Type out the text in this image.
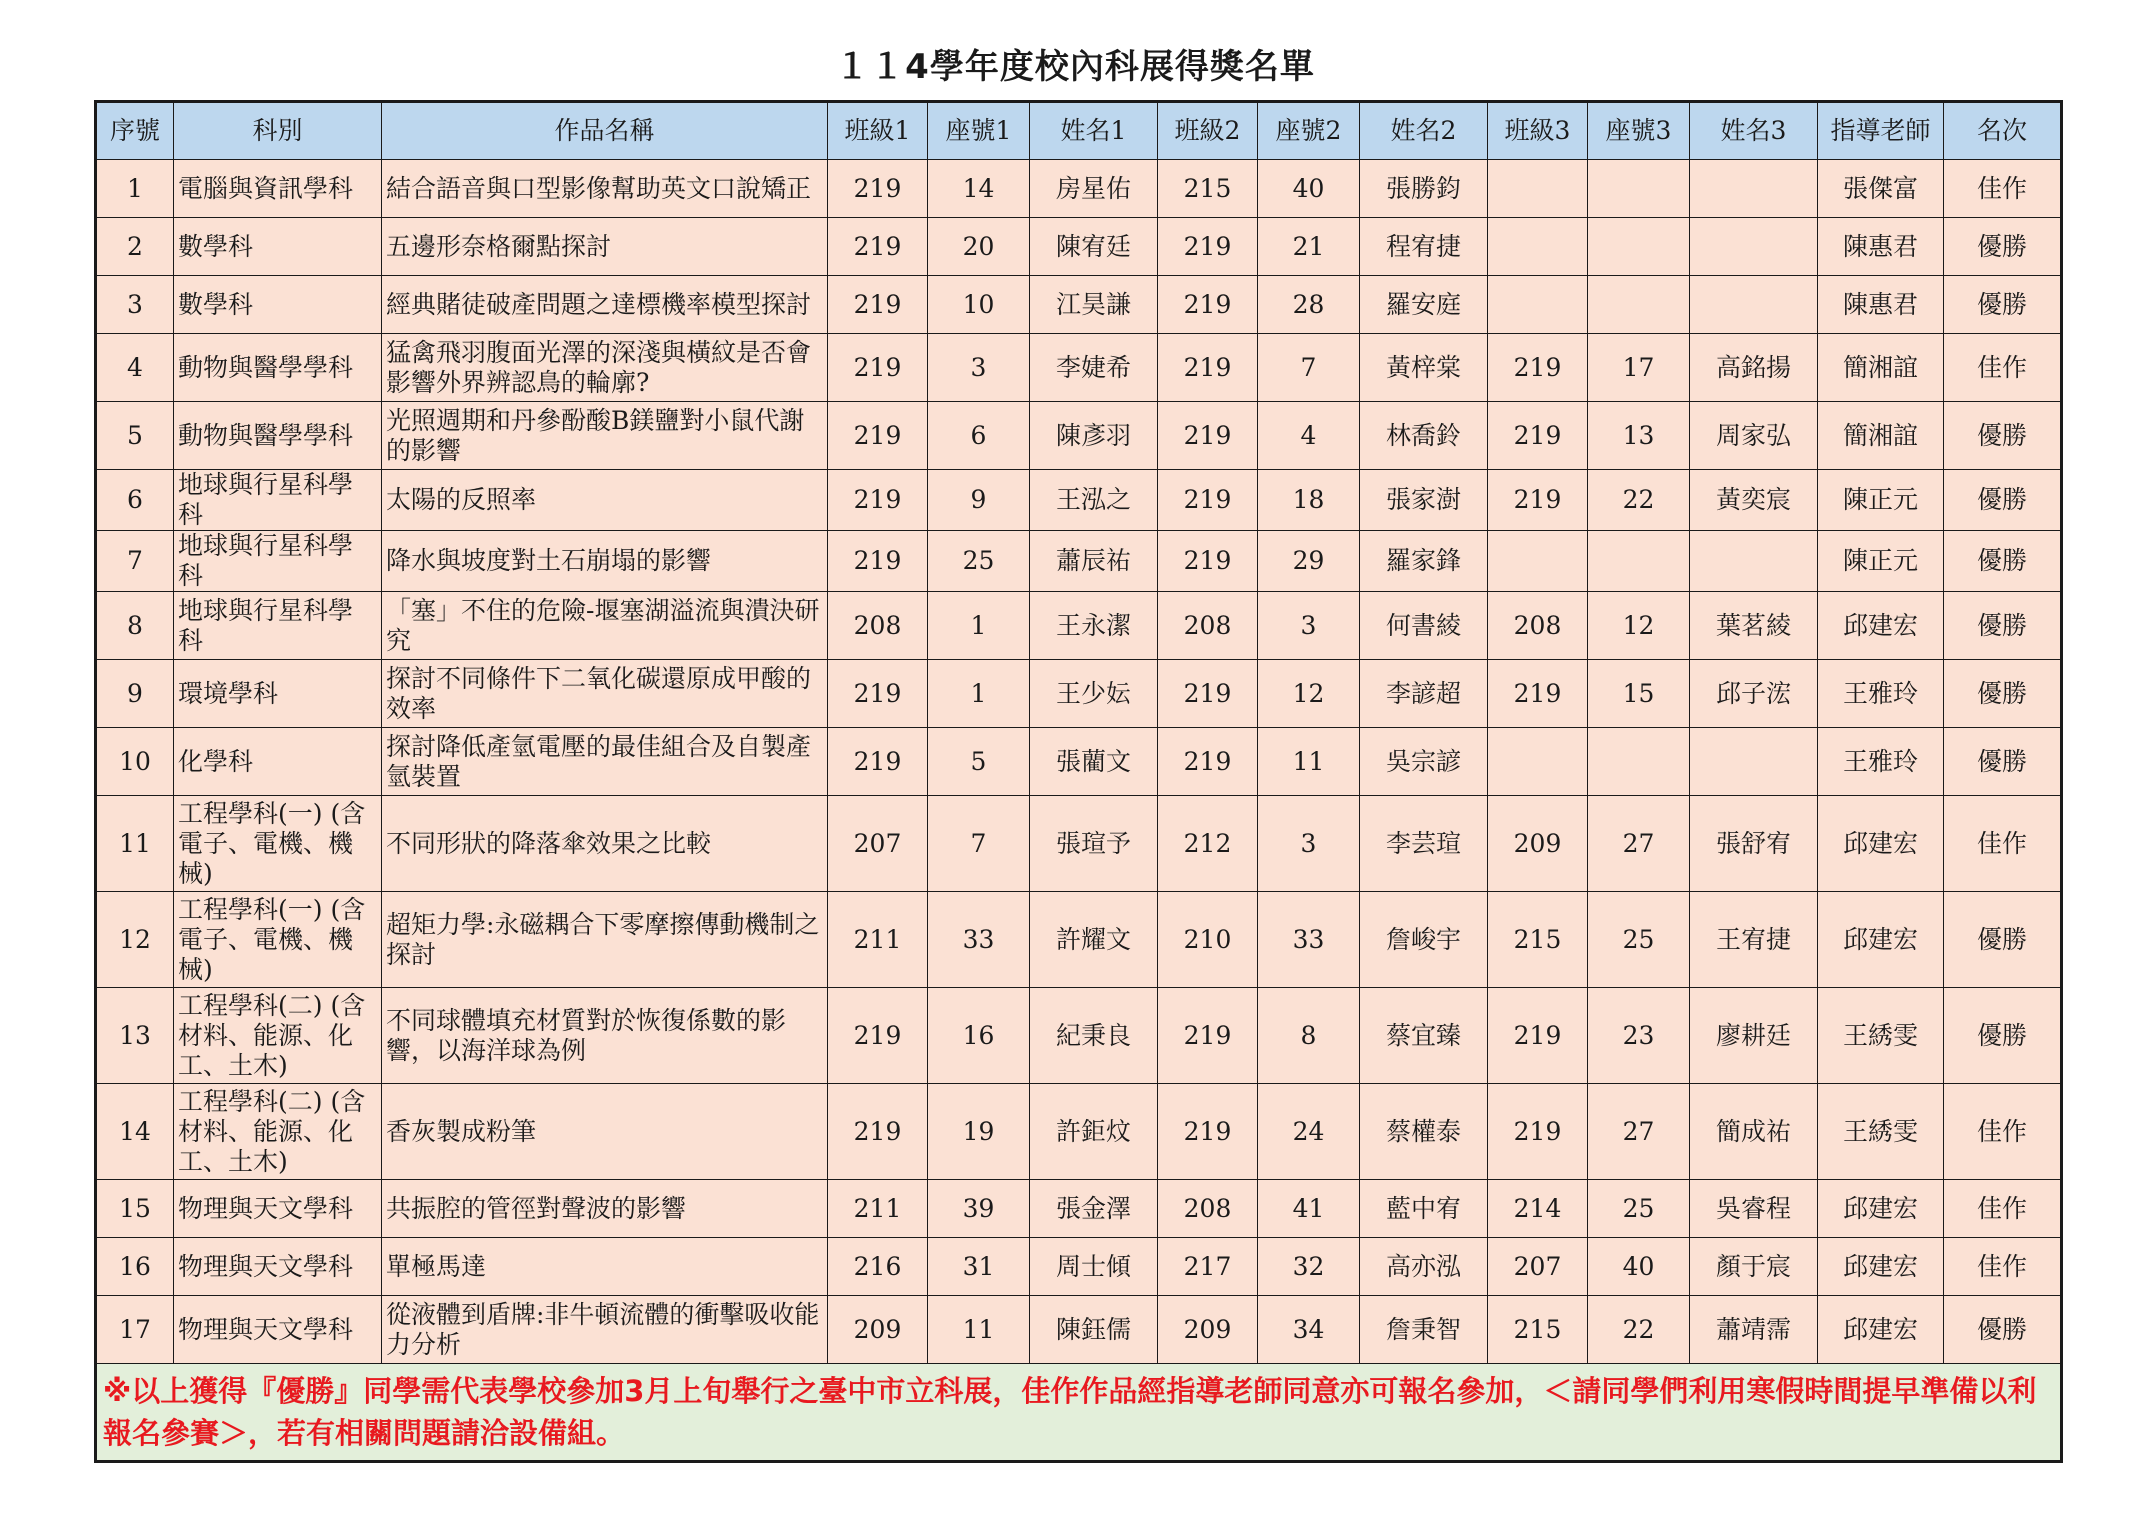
１１4學年度校內科展得獎名單
序號	科別	作品名稱	班級1	座號1	姓名1	班級2	座號2	姓名2	班級3	座號3	姓名3	指導老師	名次
1	電腦與資訊學科	結合語音與口型影像幫助英文口說矯正	219	14	房星佑	215	40	張勝鈞				張傑富	佳作
2	數學科	五邊形奈格爾點探討	219	20	陳宥廷	219	21	程宥捷				陳惠君	優勝
3	數學科	經典賭徒破產問題之達標機率模型探討	219	10	江昊謙	219	28	羅安庭				陳惠君	優勝
4	動物與醫學學科	猛禽飛羽腹面光澤的深淺與橫紋是否會影響外界辨認鳥的輪廓?	219	3	李婕希	219	7	黃梓棠	219	17	高銘揚	簡湘誼	佳作
5	動物與醫學學科	光照週期和丹參酚酸B鎂鹽對小鼠代謝的影響	219	6	陳彥羽	219	4	林喬鈴	219	13	周家弘	簡湘誼	優勝
6	地球與行星科學科	太陽的反照率	219	9	王泓之	219	18	張家澍	219	22	黃奕宸	陳正元	優勝
7	地球與行星科學科	降水與坡度對土石崩塌的影響	219	25	蕭辰祐	219	29	羅家鋒				陳正元	優勝
8	地球與行星科學科	「塞」不住的危險-堰塞湖溢流與潰決研究	208	1	王永潔	208	3	何書綾	208	12	葉茗綾	邱建宏	優勝
9	環境學科	探討不同條件下二氧化碳還原成甲酸的效率	219	1	王少妘	219	12	李諺超	219	15	邱子浤	王雅玲	優勝
10	化學科	探討降低產氫電壓的最佳組合及自製產氫裝置	219	5	張藺文	219	11	吳宗諺				王雅玲	優勝
11	工程學科(一) (含電子、電機、機械)	不同形狀的降落傘效果之比較	207	7	張瑄予	212	3	李芸瑄	209	27	張舒宥	邱建宏	佳作
12	工程學科(一) (含電子、電機、機械)	超矩力學:永磁耦合下零摩擦傳動機制之探討	211	33	許耀文	210	33	詹峻宇	215	25	王宥捷	邱建宏	優勝
13	工程學科(二) (含材料、能源、化工、土木)	不同球體填充材質對於恢復係數的影響，以海洋球為例	219	16	紀秉良	219	8	蔡宜臻	219	23	廖耕廷	王綉雯	優勝
14	工程學科(二) (含材料、能源、化工、土木)	香灰製成粉筆	219	19	許鉅炆	219	24	蔡權泰	219	27	簡成祐	王綉雯	佳作
15	物理與天文學科	共振腔的管徑對聲波的影響	211	39	張金澤	208	41	藍中宥	214	25	吳睿程	邱建宏	佳作
16	物理與天文學科	單極馬達	216	31	周士傾	217	32	高亦泓	207	40	顏于宸	邱建宏	佳作
17	物理與天文學科	從液體到盾牌:非牛頓流體的衝擊吸收能力分析	209	11	陳鈺儒	209	34	詹秉智	215	22	蕭靖霈	邱建宏	優勝
※以上獲得『優勝』同學需代表學校參加3月上旬舉行之臺中市立科展，佳作作品經指導老師同意亦可報名參加，＜請同學們利用寒假時間提早準備以利報名參賽＞，若有相關問題請洽設備組。													
